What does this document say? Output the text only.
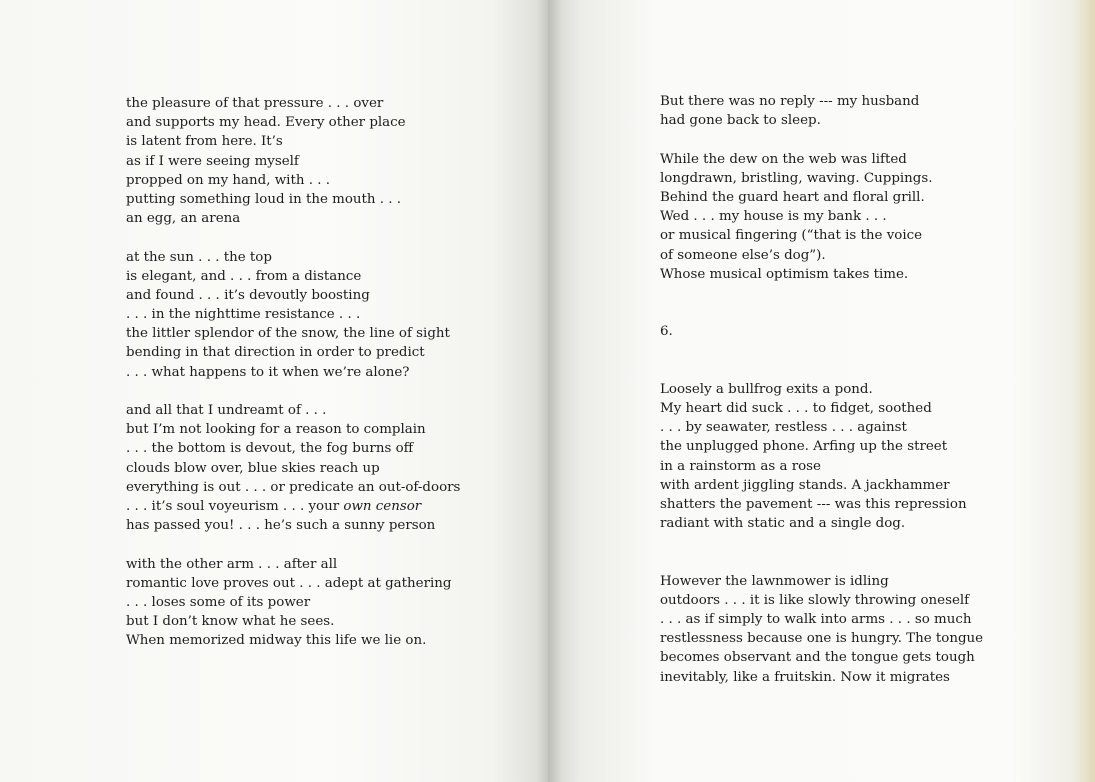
the pleasure of that pressure . . . over
and supports my head. Every other place
is latent from here. It’s
as if I were seeing myself
propped on my hand, with . . .
putting something loud in the mouth . . .
an egg, an arena
at the sun . . . the top
is elegant, and . . . from a distance
and found . . . it’s devoutly boosting
. . . in the nighttime resistance . . .
the littler splendor of the snow, the line of sight
bending in that direction in order to predict
. . . what happens to it when we’re alone?
and all that I undreamt of . . .
but I’m not looking for a reason to complain
. . . the bottom is devout, the fog burns off
clouds blow over, blue skies reach up
everything is out . . . or predicate an out-of-doors
. . . it’s soul voyeurism . . . your own censor
has passed you! . . . he’s such a sunny person
with the other arm . . . after all
romantic love proves out . . . adept at gathering
. . . loses some of its power
but I don’t know what he sees.
When memorized midway this life we lie on.
But there was no reply --- my husband
had gone back to sleep.
While the dew on the web was lifted
longdrawn, bristling, waving. Cuppings.
Behind the guard heart and floral grill.
Wed . . . my house is my bank . . .
or musical fingering (“that is the voice
of someone else’s dog”).
Whose musical optimism takes time.
6.
Loosely a bullfrog exits a pond.
My heart did suck . . . to fidget, soothed
. . . by seawater, restless . . . against
the unplugged phone. Arfing up the street
in a rainstorm as a rose
with ardent jiggling stands. A jackhammer
shatters the pavement --- was this repression
radiant with static and a single dog.
However the lawnmower is idling
outdoors . . . it is like slowly throwing oneself
. . . as if simply to walk into arms . . . so much
restlessness because one is hungry. The tongue
becomes observant and the tongue gets tough
inevitably, like a fruitskin. Now it migrates
